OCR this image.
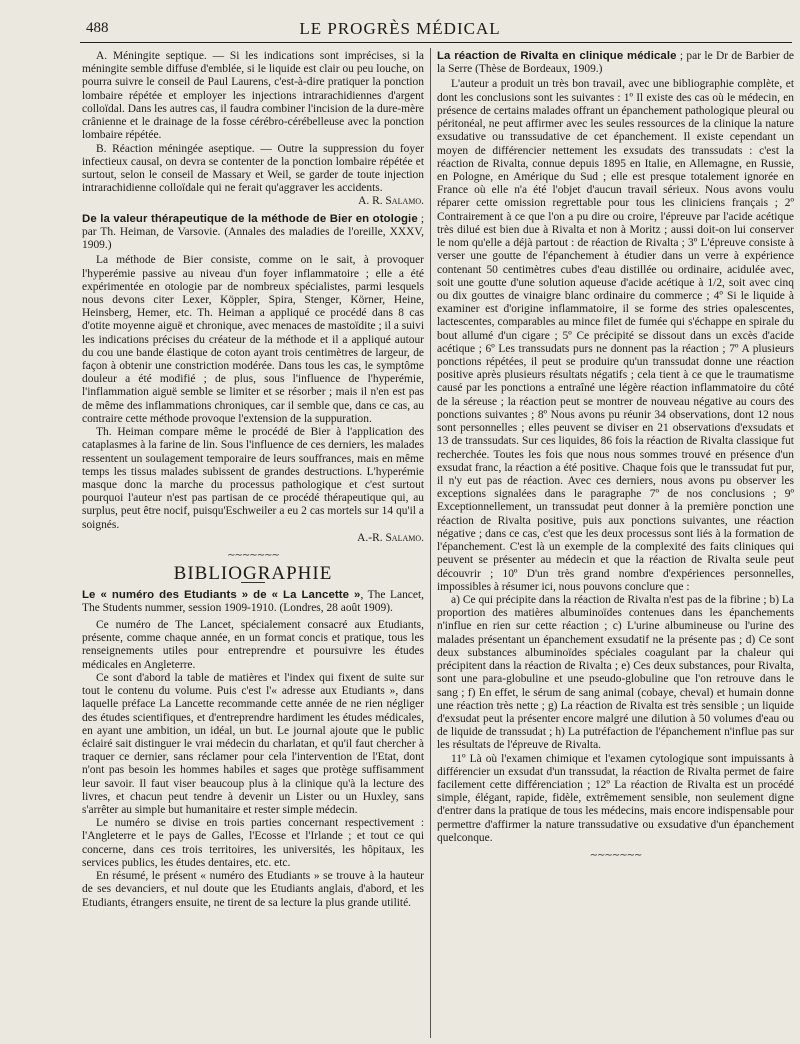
488	LE PROGRÈS MÉDICAL

A. Méningite septique. — Si les indications sont imprécises, si la méningite semble diffuse d'emblée, si le liquide est clair ou peu louche, on pourra suivre le conseil de Paul Laurens, c'est-à-dire pratiquer la ponction lombaire répétée et employer les injections intrarachidiennes d'argent colloïdal. Dans les autres cas, il faudra combiner l'incision de la dure-mère crânienne et le drainage de la fosse cérébro-cérébelleuse avec la ponction lombaire répétée.

B. Réaction méningée aseptique. — Outre la suppression du foyer infectieux causal, on devra se contenter de la ponction lombaire répétée et surtout, selon le conseil de Massary et Weil, se garder de toute injection intrarachidienne colloïdale qui ne ferait qu'aggraver les accidents.

A. R. Salamo.

De la valeur thérapeutique de la méthode de Bier en otologie ; par Th. Heiman, de Varsovie. (Annales des maladies de l'oreille, XXXV, 1909.)

La méthode de Bier consiste, comme on le sait, à provoquer l'hyperémie passive au niveau d'un foyer inflammatoire ; elle a été expérimentée en otologie par de nombreux spécialistes, parmi lesquels nous devons citer Lexer, Köppler, Spira, Stenger, Körner, Heine, Heinsberg, Hemer, etc. Th. Heiman a appliqué ce procédé dans 8 cas d'otite moyenne aiguë et chronique, avec menaces de mastoïdite ; il a suivi les indications précises du créateur de la méthode et il a appliqué autour du cou une bande élastique de coton ayant trois centimètres de largeur, de façon à obtenir une constriction modérée. Dans tous les cas, le symptôme douleur a été modifié ; de plus, sous l'influence de l'hyperémie, l'inflammation aiguë semble se limiter et se résorber ; mais il n'en est pas de même des inflammations chroniques, car il semble que, dans ce cas, au contraire cette méthode provoque l'extension de la suppuration.

Th. Heiman compare même le procédé de Bier à l'application des cataplasmes à la farine de lin. Sous l'influence de ces derniers, les malades ressentent un soulagement temporaire de leurs souffrances, mais en même temps les tissus malades subissent de grandes destructions. L'hyperémie masque donc la marche du processus pathologique et c'est surtout pourquoi l'auteur n'est pas partisan de ce procédé thérapeutique qui, au surplus, peut être nocif, puisqu'Eschweiler a eu 2 cas mortels sur 14 qu'il a soignés.

A.-R. Salamo.
∼∼∼∼∼∼∼
BIBLIOGRAPHIE

Le « numéro des Etudiants » de « La Lancette », The Lancet, The Students nummer, session 1909-1910. (Londres, 28 août 1909).

Ce numéro de The Lancet, spécialement consacré aux Etudiants, présente, comme chaque année, en un format concis et pratique, tous les renseignements utiles pour entreprendre et poursuivre les études médicales en Angleterre.

Ce sont d'abord la table de matières et l'index qui fixent de suite sur tout le contenu du volume. Puis c'est l'« adresse aux Etudiants », dans laquelle préface La Lancette recommande cette année de ne rien négliger des études scientifiques, et d'entreprendre hardiment les études médicales, en ayant une ambition, un idéal, un but. Le journal ajoute que le public éclairé sait distinguer le vrai médecin du charlatan, et qu'il faut chercher à traquer ce dernier, sans réclamer pour cela l'intervention de l'Etat, dont n'ont pas besoin les hommes habiles et sages que protège suffisamment leur savoir. Il faut viser beaucoup plus à la clinique qu'à la lecture des livres, et chacun peut tendre à devenir un Lister ou un Huxley, sans s'arrêter au simple but humanitaire et rester simple médecin.

Le numéro se divise en trois parties concernant respectivement : l'Angleterre et le pays de Galles, l'Ecosse et l'Irlande ; et tout ce qui concerne, dans ces trois territoires, les universités, les hôpitaux, les services publics, les études dentaires, etc. etc.

En résumé, le présent « numéro des Etudiants » se trouve à la hauteur de ses devanciers, et nul doute que les Etudiants anglais, d'abord, et les Etudiants, étrangers ensuite, ne tirent de sa lecture la plus grande utilité.

La réaction de Rivalta en clinique médicale ; par le Dr de Barbier de la Serre (Thèse de Bordeaux, 1909.)

L'auteur a produit un très bon travail, avec une bibliographie complète, et dont les conclusions sont les suivantes : 1º Il existe des cas où le médecin, en présence de certains malades offrant un épanchement pathologique pleural ou péritonéal, ne peut affirmer avec les seules ressources de la clinique la nature exsudative ou transsudative de cet épanchement. Il existe cependant un moyen de différencier nettement les exsudats des transsudats : c'est la réaction de Rivalta, connue depuis 1895 en Italie, en Allemagne, en Russie, en Pologne, en Amérique du Sud ; elle est presque totalement ignorée en France où elle n'a été l'objet d'aucun travail sérieux. Nous avons voulu réparer cette omission regrettable pour tous les cliniciens français ; 2º Contrairement à ce que l'on a pu dire ou croire, l'épreuve par l'acide acétique très dilué est bien due à Rivalta et non à Moritz ; aussi doit-on lui conserver le nom qu'elle a déjà partout : de réaction de Rivalta ; 3º L'épreuve consiste à verser une goutte de l'épanchement à étudier dans un verre à expérience contenant 50 centimètres cubes d'eau distillée ou ordinaire, acidulée avec, soit une goutte d'une solution aqueuse d'acide acétique à 1/2, soit avec cinq ou dix gouttes de vinaigre blanc ordinaire du commerce ; 4º Si le liquide à examiner est d'origine inflammatoire, il se forme des stries opalescentes, lactescentes, comparables au mince filet de fumée qui s'échappe en spirale du bout allumé d'un cigare ; 5º Ce précipité se dissout dans un excès d'acide acétique ; 6º Les transsudats purs ne donnent pas la réaction ; 7º A plusieurs ponctions répétées, il peut se produire qu'un transsudat donne une réaction positive après plusieurs résultats négatifs ; cela tient à ce que le traumatisme causé par les ponctions a entraîné une légère réaction inflammatoire du côté de la séreuse ; la réaction peut se montrer de nouveau négative au cours des ponctions suivantes ; 8º Nous avons pu réunir 34 observations, dont 12 nous sont personnelles ; elles peuvent se diviser en 21 observations d'exsudats et 13 de transsudats. Sur ces liquides, 86 fois la réaction de Rivalta classique fut recherchée. Toutes les fois que nous nous sommes trouvé en présence d'un exsudat franc, la réaction a été positive. Chaque fois que le transsudat fut pur, il n'y eut pas de réaction. Avec ces derniers, nous avons pu observer les exceptions signalées dans le paragraphe 7º de nos conclusions ; 9º Exceptionnellement, un transsudat peut donner à la première ponction une réaction de Rivalta positive, puis aux ponctions suivantes, une réaction négative ; dans ce cas, c'est que les deux processus sont liés à la formation de l'épanchement. C'est là un exemple de la complexité des faits cliniques qui peuvent se présenter au médecin et que la réaction de Rivalta seule peut découvrir ; 10º D'un très grand nombre d'expériences personnelles, impossibles à résumer ici, nous pouvons conclure que :

a) Ce qui précipite dans la réaction de Rivalta n'est pas de la fibrine ; b) La proportion des matières albuminoïdes contenues dans les épanchements n'influe en rien sur cette réaction ; c) L'urine albumineuse ou l'urine des malades présentant un épanchement exsudatif ne la présente pas ; d) Ce sont deux substances albuminoïdes spéciales coagulant par la chaleur qui précipitent dans la réaction de Rivalta ; e) Ces deux substances, pour Rivalta, sont une para-globuline et une pseudo-globuline que l'on retrouve dans le sang ; f) En effet, le sérum de sang animal (cobaye, cheval) et humain donne une réaction très nette ; g) La réaction de Rivalta est très sensible ; un liquide d'exsudat peut la présenter encore malgré une dilution à 50 volumes d'eau ou de liquide de transsudat ; h) La putréfaction de l'épanchement n'influe pas sur les résultats de l'épreuve de Rivalta.

11º Là où l'examen chimique et l'examen cytologique sont impuissants à différencier un exsudat d'un transsudat, la réaction de Rivalta permet de faire facilement cette différenciation ; 12º La réaction de Rivalta est un procédé simple, élégant, rapide, fidèle, extrêmement sensible, non seulement digne d'entrer dans la pratique de tous les médecins, mais encore indispensable pour permettre d'affirmer la nature transsudative ou exsudative d'un épanchement quelconque.

∼∼∼∼∼∼∼
